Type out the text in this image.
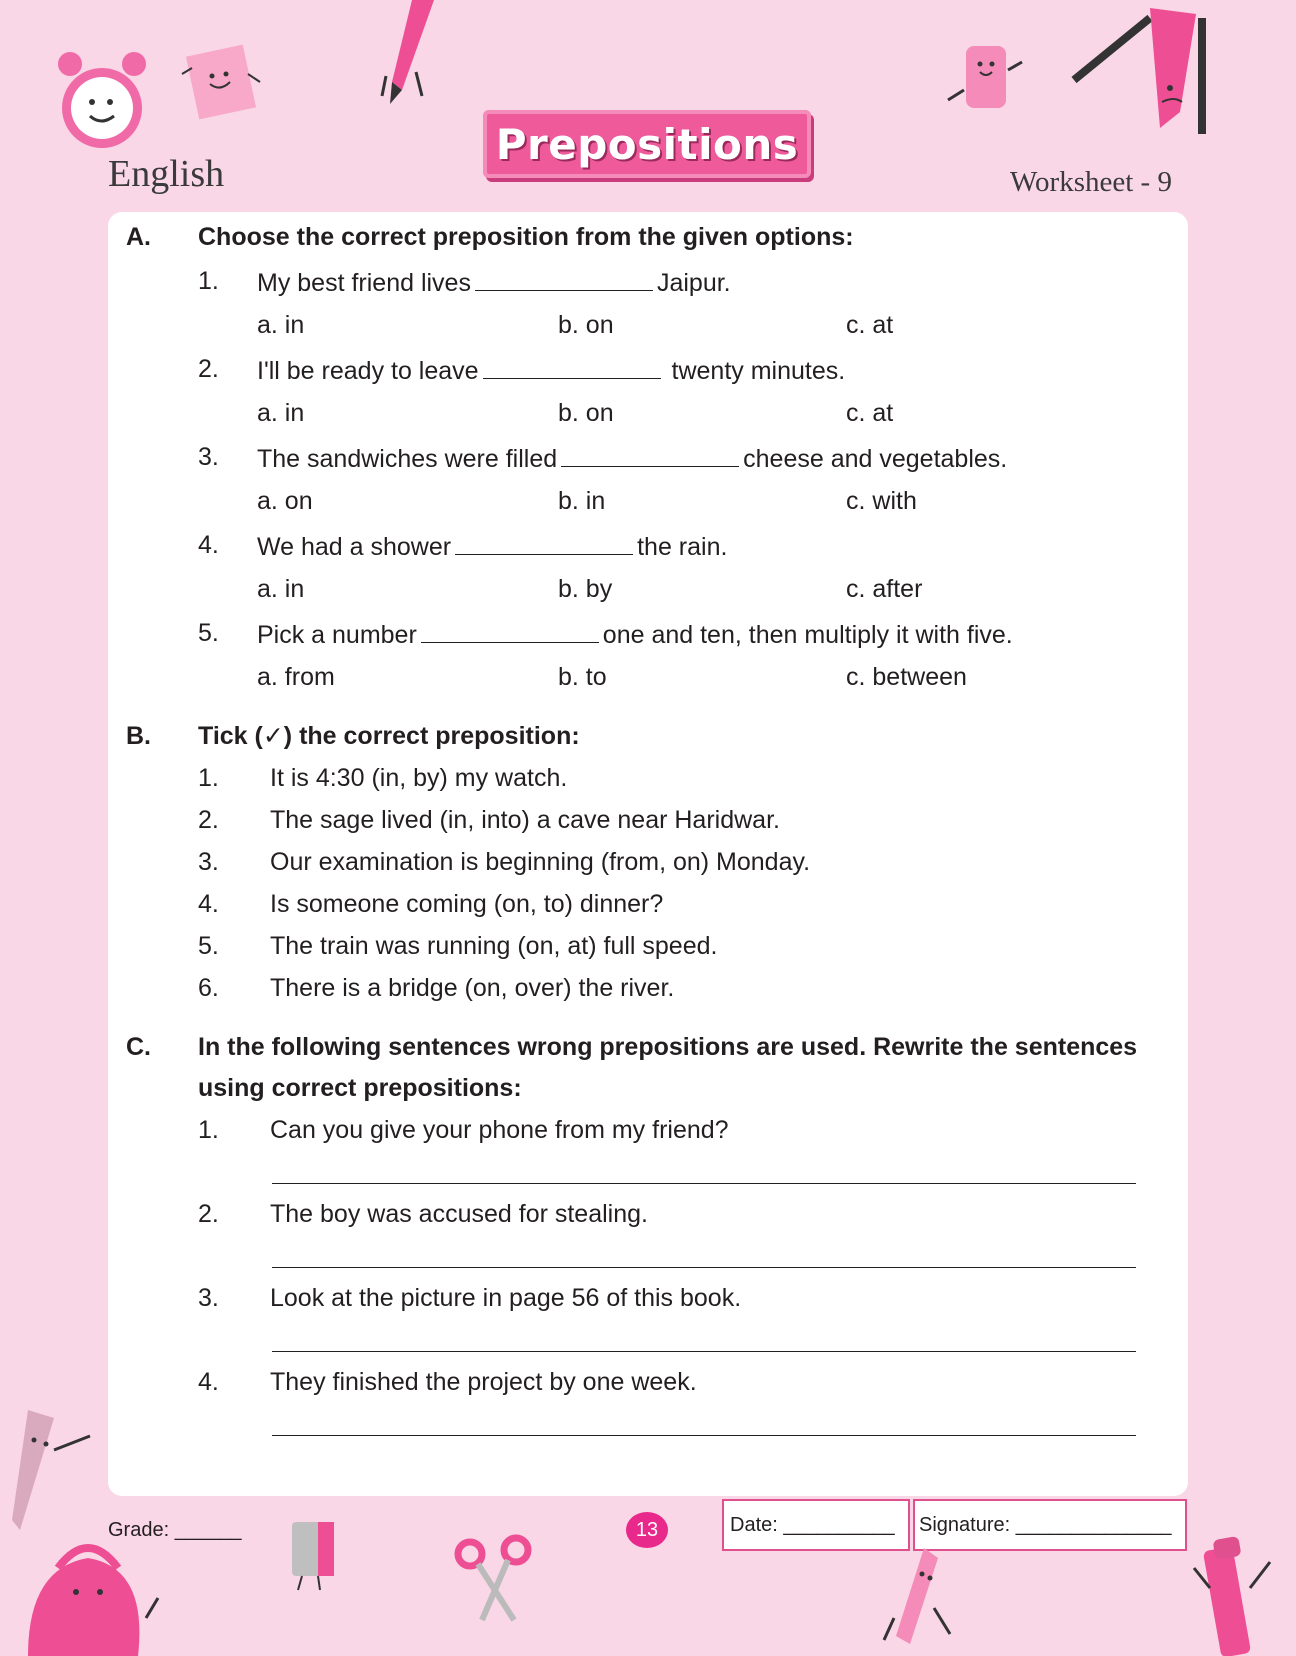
English
Prepositions
Worksheet - 9
A. Choose the correct preposition from the given options:
1. My best friend lives	Jaipur.
a. in	b. on	c. at
2. I'll be ready to leave	twenty minutes.
a. in	b. on	c. at
3. The sandwiches were filled	cheese and vegetables.
a. on	b. in	c. with
4. We had a shower	the rain.
a. in	b. by	c. after
5. Pick a number	one and ten, then multiply it with five.
a. from	b. to	c. between
B. Tick (✓) the correct preposition:
1. It is 4:30 (in, by) my watch.
2. The sage lived (in, into) a cave near Haridwar.
3. Our examination is beginning (from, on) Monday.
4. Is someone coming (on, to) dinner?
5. The train was running (on, at) full speed.
6. There is a bridge (on, over) the river.
C. In the following sentences wrong prepositions are used. Rewrite the sentences
using correct prepositions:
1. Can you give your phone from my friend?
2. The boy was accused for stealing.
3. Look at the picture in page 56 of this book.
4. They finished the project by one week.
Grade: ______	13	Date: __________ Signature: ______________
